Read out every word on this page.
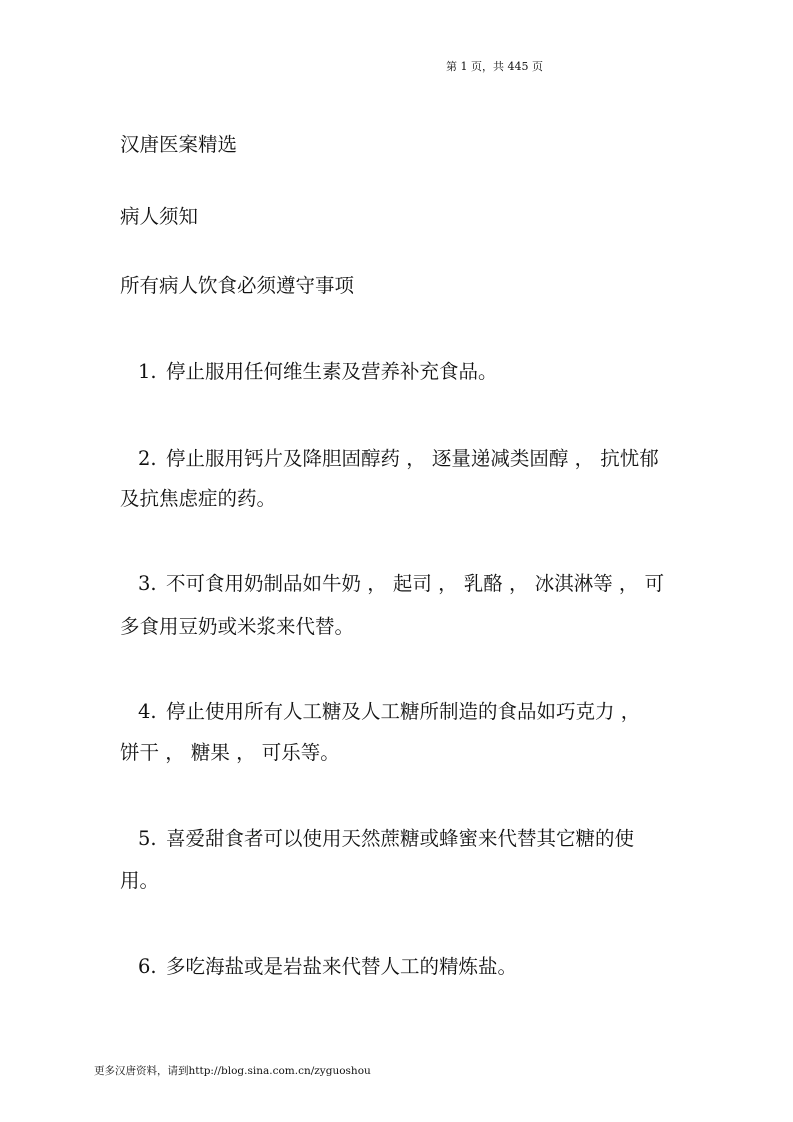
第 1 页，共 445 页
汉唐医案精选
病人须知
所有病人饮食必须遵守事项
1. 停止服用任何维生素及营养补充食品。
2. 停止服用钙片及降胆固醇药 ， 逐量递减类固醇 ， 抗忧郁
及抗焦虑症的药。
3. 不可食用奶制品如牛奶 ， 起司 ， 乳酪 ， 冰淇淋等 ， 可
多食用豆奶或米浆来代替。
4. 停止使用所有人工糖及人工糖所制造的食品如巧克力 ，
饼干 ， 糖果 ， 可乐等。
5. 喜爱甜食者可以使用天然蔗糖或蜂蜜来代替其它糖的使
用。
6. 多吃海盐或是岩盐来代替人工的精炼盐。
更多汉唐资料，请到http://blog.sina.com.cn/zyguoshou
